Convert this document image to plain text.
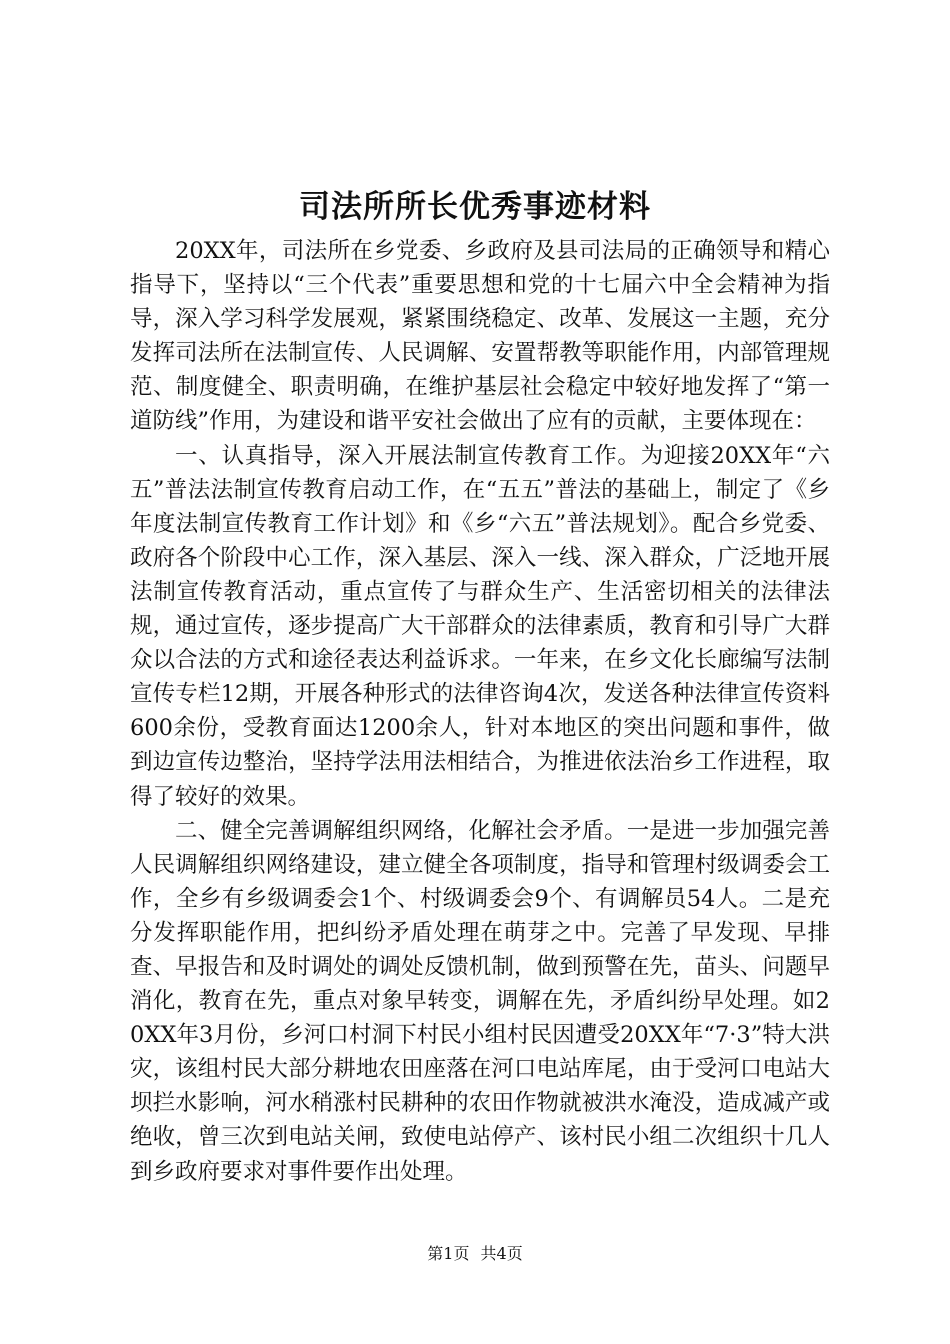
司法所所长优秀事迹材料

20XX年，司法所在乡党委、乡政府及县司法局的正确领导和精心指导下，坚持以“三个代表”重要思想和党的十七届六中全会精神为指导，深入学习科学发展观，紧紧围绕稳定、改革、发展这一主题，充分发挥司法所在法制宣传、人民调解、安置帮教等职能作用，内部管理规范、制度健全、职责明确，在维护基层社会稳定中较好地发挥了“第一道防线”作用，为建设和谐平安社会做出了应有的贡献，主要体现在：

一、认真指导，深入开展法制宣传教育工作。为迎接20XX年“六五”普法法制宣传教育启动工作，在“五五”普法的基础上，制定了《乡年度法制宣传教育工作计划》和《乡“六五”普法规划》。配合乡党委、政府各个阶段中心工作，深入基层、深入一线、深入群众，广泛地开展法制宣传教育活动，重点宣传了与群众生产、生活密切相关的法律法规，通过宣传，逐步提高广大干部群众的法律素质，教育和引导广大群众以合法的方式和途径表达利益诉求。一年来，在乡文化长廊编写法制宣传专栏12期，开展各种形式的法律咨询4次，发送各种法律宣传资料600余份，受教育面达1200余人，针对本地区的突出问题和事件，做到边宣传边整治，坚持学法用法相结合，为推进依法治乡工作进程，取得了较好的效果。

二、健全完善调解组织网络，化解社会矛盾。一是进一步加强完善人民调解组织网络建设，建立健全各项制度，指导和管理村级调委会工作，全乡有乡级调委会1个、村级调委会9个、有调解员54人。二是充分发挥职能作用，把纠纷矛盾处理在萌芽之中。完善了早发现、早排查、早报告和及时调处的调处反馈机制，做到预警在先，苗头、问题早消化，教育在先，重点对象早转变，调解在先，矛盾纠纷早处理。如20XX年3月份，乡河口村洞下村民小组村民因遭受20XX年“7·3”特大洪灾，该组村民大部分耕地农田座落在河口电站库尾，由于受河口电站大坝拦水影响，河水稍涨村民耕种的农田作物就被洪水淹没，造成减产或绝收，曾三次到电站关闸，致使电站停产、该村民小组二次组织十几人到乡政府要求对事件要作出处理。

第1页 共4页
